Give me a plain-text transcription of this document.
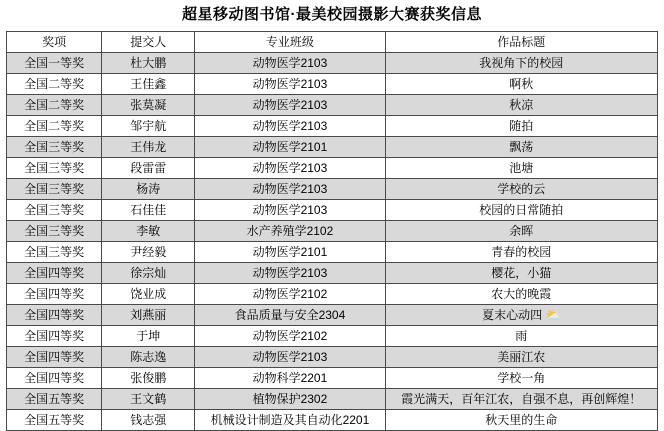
超星移动图书馆·最美校园摄影大赛获奖信息
奖项	提交人	专业班级	作品标题
全国一等奖	杜大鹏	动物医学2103	我视角下的校园
全国二等奖	王佳鑫	动物医学2103	啊秋
全国二等奖	张莫凝	动物医学2103	秋凉
全国二等奖	邹宇航	动物医学2103	随拍
全国三等奖	王伟龙	动物医学2101	飘荡
全国三等奖	段雷雷	动物医学2103	池塘
全国三等奖	杨涛	动物医学2103	学校的云
全国三等奖	石佳佳	动物医学2103	校园的日常随拍
全国三等奖	李敏	水产养殖学2102	余晖
全国三等奖	尹经毅	动物医学2101	青春的校园
全国四等奖	徐宗灿	动物医学2103	樱花，小猫
全国四等奖	饶业成	动物医学2102	农大的晚霞
全国四等奖	刘燕丽	食品质量与安全2304	夏末心动四 ⛅
全国四等奖	于坤	动物医学2102	雨
全国四等奖	陈志逸	动物医学2103	美丽江农
全国四等奖	张俊鹏	动物科学2201	学校一角
全国五等奖	王文鹤	植物保护2302	霞光满天，百年江农，自强不息，再创辉煌！
全国五等奖	钱志强	机械设计制造及其自动化2201	秋天里的生命
